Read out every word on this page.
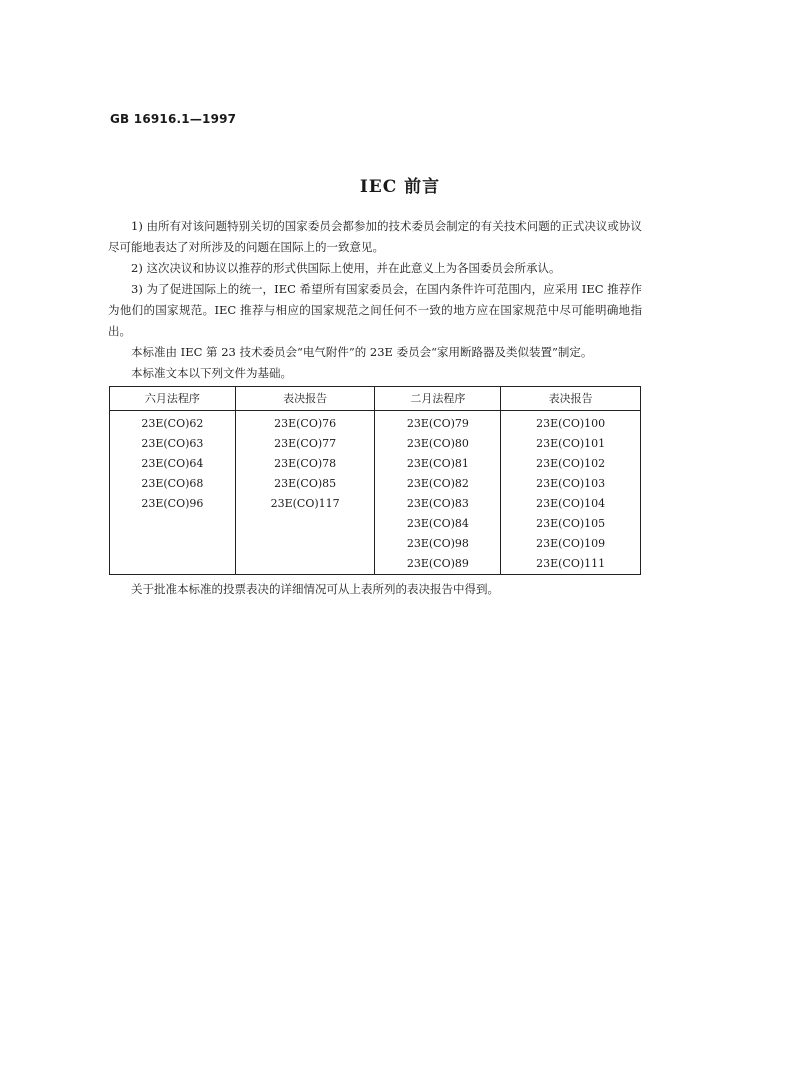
GB 16916.1—1997
IEC 前言

1) 由所有对该问题特别关切的国家委员会都参加的技术委员会制定的有关技术问题的正式决议或协议尽可能地表达了对所涉及的问题在国际上的一致意见。

2) 这次决议和协议以推荐的形式供国际上使用，并在此意义上为各国委员会所承认。

3) 为了促进国际上的统一，IEC 希望所有国家委员会，在国内条件许可范围内，应采用 IEC 推荐作为他们的国家规范。IEC 推荐与相应的国家规范之间任何不一致的地方应在国家规范中尽可能明确地指出。

本标准由 IEC 第 23 技术委员会“电气附件”的 23E 委员会“家用断路器及类似装置”制定。

本标准文本以下列文件为基础。

六月法程序	表决报告	二月法程序	表决报告
23E(CO)62	23E(CO)76	23E(CO)79	23E(CO)100
23E(CO)63	23E(CO)77	23E(CO)80	23E(CO)101
23E(CO)64	23E(CO)78	23E(CO)81	23E(CO)102
23E(CO)68	23E(CO)85	23E(CO)82	23E(CO)103
23E(CO)96	23E(CO)117	23E(CO)83	23E(CO)104
		23E(CO)84	23E(CO)105
		23E(CO)98	23E(CO)109
		23E(CO)89	23E(CO)111

关于批准本标准的投票表决的详细情况可从上表所列的表决报告中得到。
